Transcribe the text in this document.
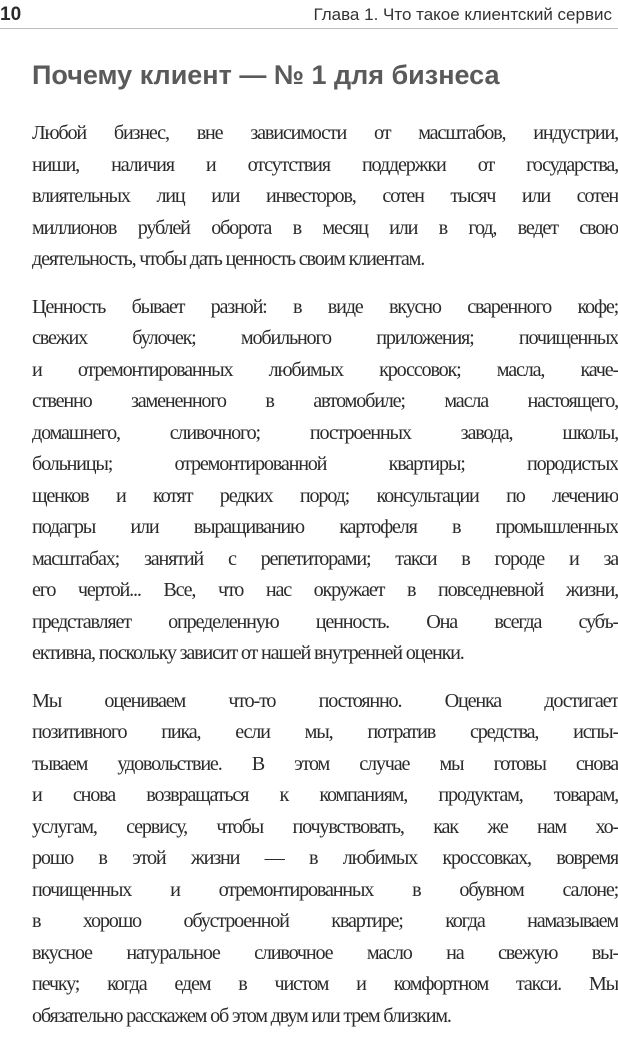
10	Глава 1. Что такое клиентский сервис
Почему клиент — № 1 для бизнеса

Любой бизнес, вне зависимости от масштабов, индустрии,
ниши, наличия и отсутствия поддержки от государства,
влиятельных лиц или инвесторов, сотен тысяч или сотен
миллионов рублей оборота в месяц или в год, ведет свою
деятельность, чтобы дать ценность своим клиентам.

Ценность бывает разной: в виде вкусно сваренного кофе;
свежих булочек; мобильного приложения; почищенных
и отремонтированных любимых кроссовок; масла, каче-
ственно замененного в автомобиле; масла настоящего,
домашнего, сливочного; построенных завода, школы,
больницы; отремонтированной квартиры; породистых
щенков и котят редких пород; консультации по лечению
подагры или выращиванию картофеля в промышленных
масштабах; занятий с репетиторами; такси в городе и за
его чертой... Все, что нас окружает в повседневной жизни,
представляет определенную ценность. Она всегда субъ-
ективна, поскольку зависит от нашей внутренней оценки.

Мы оцениваем что-то постоянно. Оценка достигает
позитивного пика, если мы, потратив средства, испы-
тываем удовольствие. В этом случае мы готовы снова
и снова возвращаться к компаниям, продуктам, товарам,
услугам, сервису, чтобы почувствовать, как же нам хо-
рошо в этой жизни — в любимых кроссовках, вовремя
почищенных и отремонтированных в обувном салоне;
в хорошо обустроенной квартире; когда намазываем
вкусное натуральное сливочное масло на свежую вы-
печку; когда едем в чистом и комфортном такси. Мы
обязательно расскажем об этом двум или трем близким.
